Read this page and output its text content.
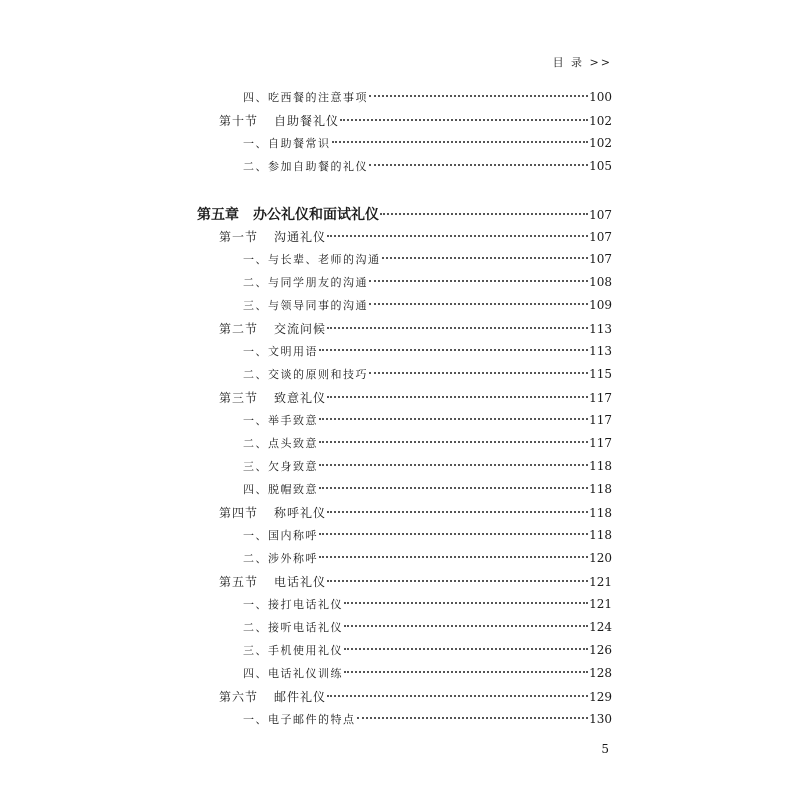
目 录 >>
四、吃西餐的注意事项	100
第十节 自助餐礼仪	102
一、自助餐常识	102
二、参加自助餐的礼仪	105
第五章 办公礼仪和面试礼仪	107
第一节 沟通礼仪	107
一、与长辈、老师的沟通	107
二、与同学朋友的沟通	108
三、与领导同事的沟通	109
第二节 交流问候	113
一、文明用语	113
二、交谈的原则和技巧	115
第三节 致意礼仪	117
一、举手致意	117
二、点头致意	117
三、欠身致意	118
四、脱帽致意	118
第四节 称呼礼仪	118
一、国内称呼	118
二、涉外称呼	120
第五节 电话礼仪	121
一、接打电话礼仪	121
二、接听电话礼仪	124
三、手机使用礼仪	126
四、电话礼仪训练	128
第六节 邮件礼仪	129
一、电子邮件的特点	130
5
